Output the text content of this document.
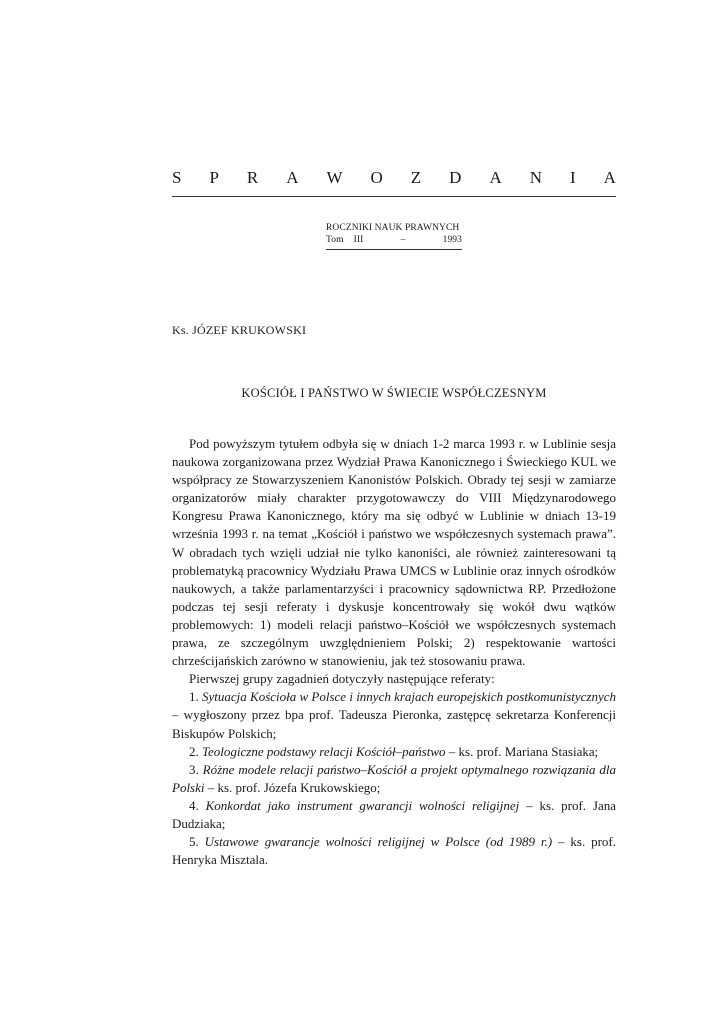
S P R A W O Z D A N I A
ROCZNIKI NAUK PRAWNYCH
Tom III	–	1993
Ks. JÓZEF KRUKOWSKI
KOŚCIÓŁ I PAŃSTWO W ŚWIECIE WSPÓŁCZESNYM

Pod powyższym tytułem odbyła się w dniach 1-2 marca 1993 r. w Lublinie sesja naukowa zorganizowana przez Wydział Prawa Kanonicznego i Świeckiego KUL we współpracy ze Stowarzyszeniem Kanonistów Polskich. Obrady tej sesji w zamiarze organizatorów miały charakter przygotowawczy do VIII Międzynarodowego Kongresu Prawa Kanonicznego, który ma się odbyć w Lublinie w dniach 13-19 września 1993 r. na temat „Kościół i państwo we współczesnych systemach prawa”. W obradach tych wzięli udział nie tylko kanoniści, ale również zainteresowani tą problematyką pracownicy Wydziału Prawa UMCS w Lublinie oraz innych ośrodków naukowych, a także parlamentarzyści i pracownicy sądownictwa RP. Przedłożone podczas tej sesji referaty i dyskusje koncentrowały się wokół dwu wątków problemowych: 1) modeli relacji państwo–Kościół we współczesnych systemach prawa, ze szczególnym uwzględnieniem Polski; 2) respektowanie wartości chrześcijańskich zarówno w stanowieniu, jak też stosowaniu prawa.

Pierwszej grupy zagadnień dotyczyły następujące referaty:

1. Sytuacja Kościoła w Polsce i innych krajach europejskich postkomunistycznych – wygłoszony przez bpa prof. Tadeusza Pieronka, zastępcę sekretarza Konferencji Biskupów Polskich;

2. Teologiczne podstawy relacji Kościół–państwo – ks. prof. Mariana Stasiaka;

3. Różne modele relacji państwo–Kościół a projekt optymalnego rozwiązania dla Polski – ks. prof. Józefa Krukowskiego;

4. Konkordat jako instrument gwarancji wolności religijnej – ks. prof. Jana Dudziaka;

5. Ustawowe gwarancje wolności religijnej w Polsce (od 1989 r.) – ks. prof. Henryka Misztala.
